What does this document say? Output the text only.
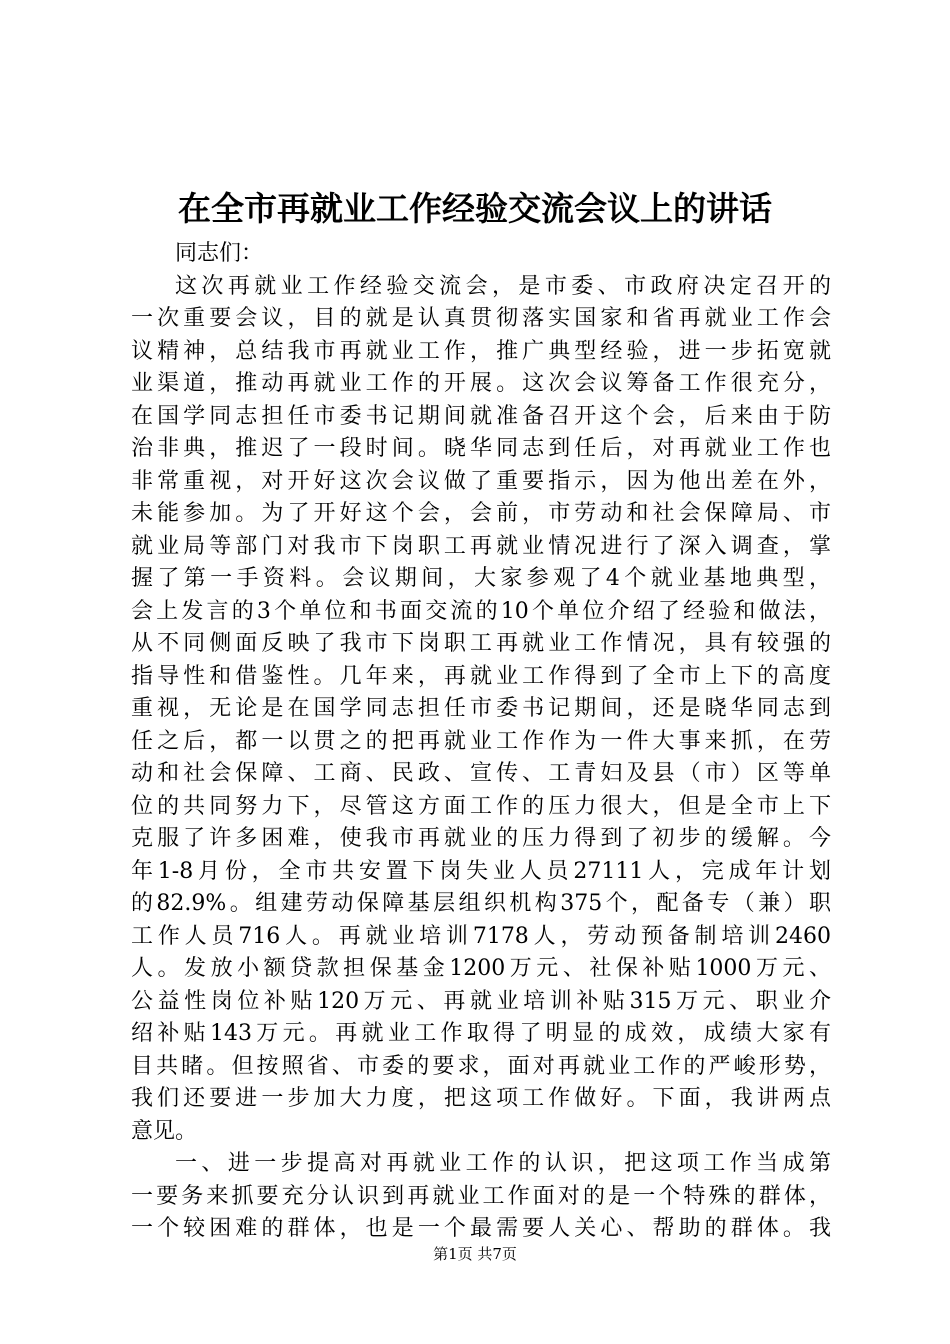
在全市再就业工作经验交流会议上的讲话
同志们：
这次再就业工作经验交流会，是市委、市政府决定召开的
一次重要会议，目的就是认真贯彻落实国家和省再就业工作会
议精神，总结我市再就业工作，推广典型经验，进一步拓宽就
业渠道，推动再就业工作的开展。这次会议筹备工作很充分，
在国学同志担任市委书记期间就准备召开这个会，后来由于防
治非典，推迟了一段时间。晓华同志到任后，对再就业工作也
非常重视，对开好这次会议做了重要指示，因为他出差在外，
未能参加。为了开好这个会，会前，市劳动和社会保障局、市
就业局等部门对我市下岗职工再就业情况进行了深入调查，掌
握了第一手资料。会议期间，大家参观了4个就业基地典型，
会上发言的3个单位和书面交流的10个单位介绍了经验和做法，
从不同侧面反映了我市下岗职工再就业工作情况，具有较强的
指导性和借鉴性。几年来，再就业工作得到了全市上下的高度
重视，无论是在国学同志担任市委书记期间，还是晓华同志到
任之后，都一以贯之的把再就业工作作为一件大事来抓，在劳
动和社会保障、工商、民政、宣传、工青妇及县（市）区等单
位的共同努力下，尽管这方面工作的压力很大，但是全市上下
克服了许多困难，使我市再就业的压力得到了初步的缓解。今
年1-8月份，全市共安置下岗失业人员27111人，完成年计划
的82.9%。组建劳动保障基层组织机构375个，配备专（兼）职
工作人员716人。再就业培训7178人，劳动预备制培训2460
人。发放小额贷款担保基金1200万元、社保补贴1000万元、
公益性岗位补贴120万元、再就业培训补贴315万元、职业介
绍补贴143万元。再就业工作取得了明显的成效，成绩大家有
目共睹。但按照省、市委的要求，面对再就业工作的严峻形势，
我们还要进一步加大力度，把这项工作做好。下面，我讲两点
意见。
一、进一步提高对再就业工作的认识，把这项工作当成第
一要务来抓要充分认识到再就业工作面对的是一个特殊的群体，
一个较困难的群体，也是一个最需要人关心、帮助的群体。我
第1页 共7页
